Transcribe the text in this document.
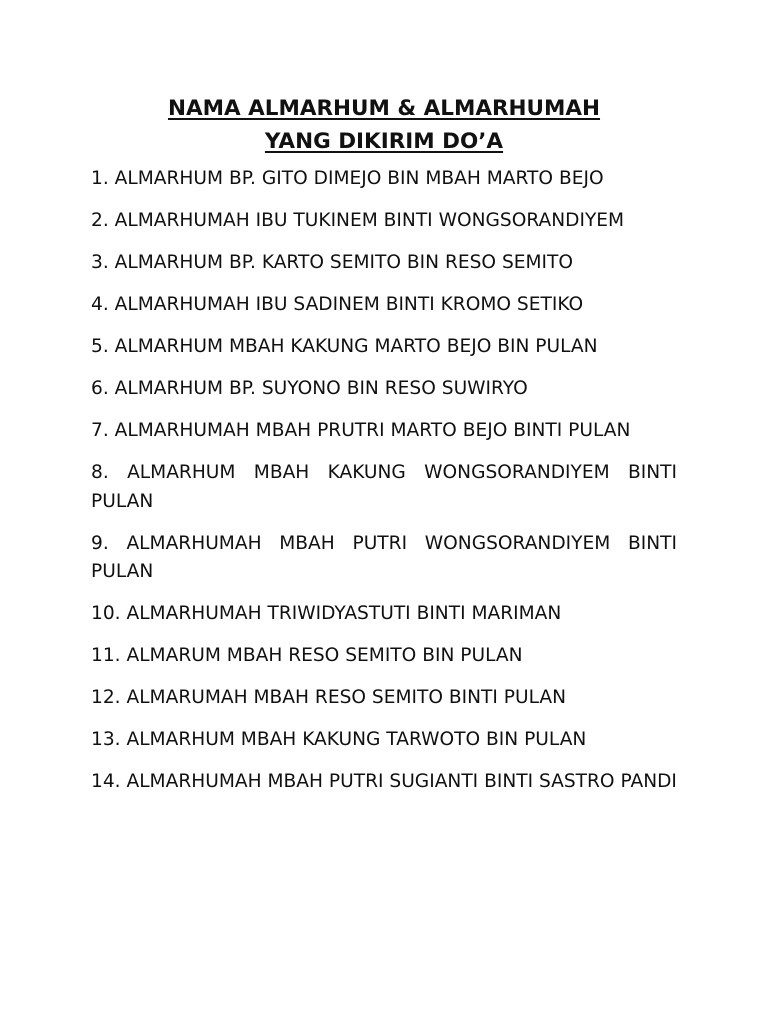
NAMA ALMARHUM & ALMARHUMAH
YANG DIKIRIM DO’A
1. ALMARHUM BP. GITO DIMEJO BIN MBAH MARTO BEJO
2. ALMARHUMAH IBU TUKINEM BINTI WONGSORANDIYEM
3. ALMARHUM BP. KARTO SEMITO BIN RESO SEMITO
4. ALMARHUMAH IBU SADINEM BINTI KROMO SETIKO
5. ALMARHUM MBAH KAKUNG MARTO BEJO BIN PULAN
6. ALMARHUM BP. SUYONO BIN RESO SUWIRYO
7. ALMARHUMAH MBAH PRUTRI MARTO BEJO BINTI PULAN
8. ALMARHUM MBAH KAKUNG WONGSORANDIYEM BINTI PULAN
9. ALMARHUMAH MBAH PUTRI WONGSORANDIYEM BINTI PULAN
10. ALMARHUMAH TRIWIDYASTUTI BINTI MARIMAN
11. ALMARUM MBAH RESO SEMITO BIN PULAN
12. ALMARUMAH MBAH RESO SEMITO BINTI PULAN
13. ALMARHUM MBAH KAKUNG TARWOTO BIN PULAN
14. ALMARHUMAH MBAH PUTRI SUGIANTI BINTI SASTRO PANDI
